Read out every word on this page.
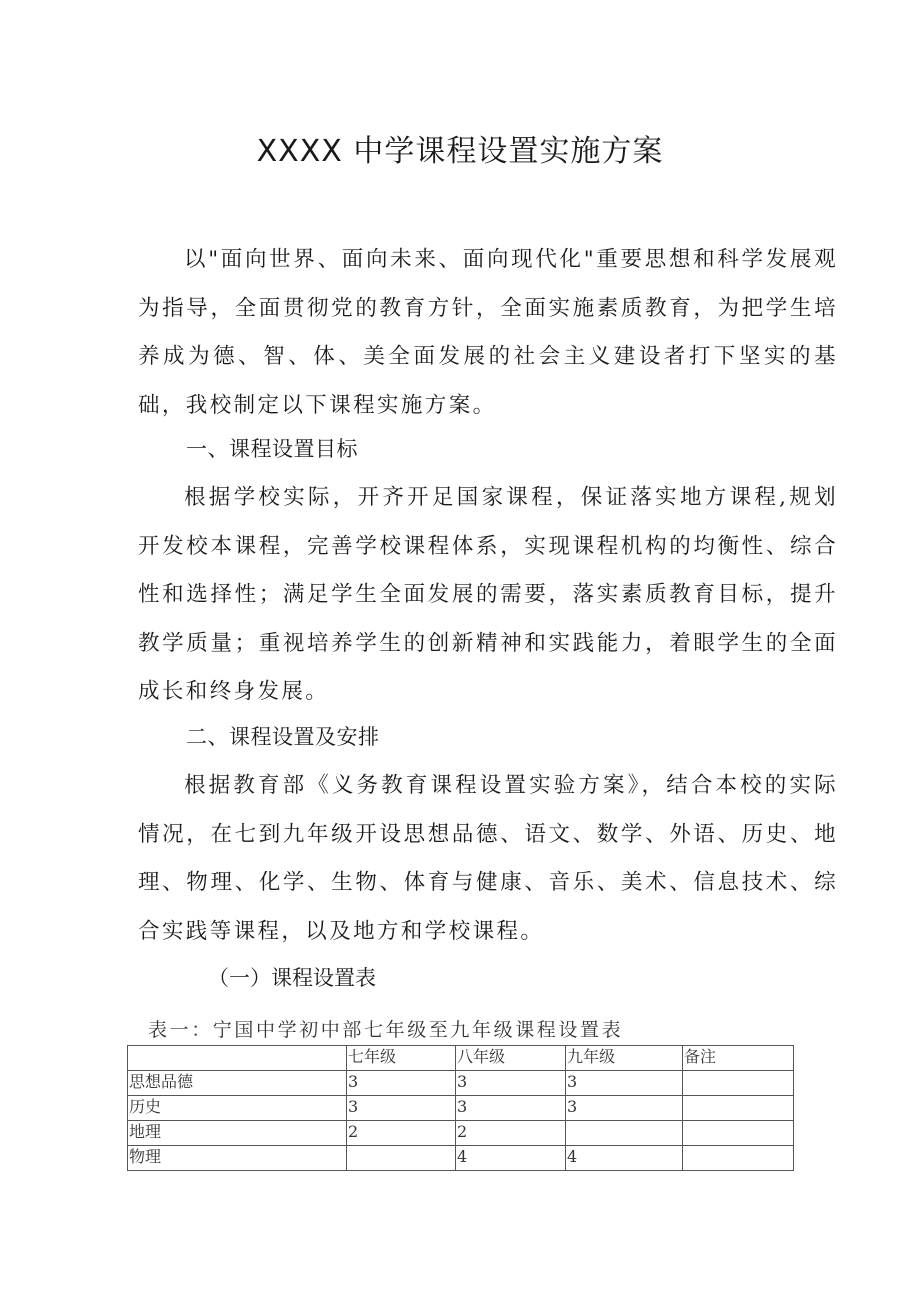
XXXX 中学课程设置实施方案

以"面向世界、面向未来、面向现代化"重要思想和科学发展观为指导，全面贯彻党的教育方针，全面实施素质教育，为把学生培养成为德、智、体、美全面发展的社会主义建设者打下坚实的基础，我校制定以下课程实施方案。

一、课程设置目标

根据学校实际，开齐开足国家课程，保证落实地方课程,规划开发校本课程，完善学校课程体系，实现课程机构的均衡性、综合性和选择性；满足学生全面发展的需要，落实素质教育目标，提升教学质量；重视培养学生的创新精神和实践能力，着眼学生的全面成长和终身发展。

二、课程设置及安排

根据教育部《义务教育课程设置实验方案》，结合本校的实际情况，在七到九年级开设思想品德、语文、数学、外语、历史、地理、物理、化学、生物、体育与健康、音乐、美术、信息技术、综合实践等课程，以及地方和学校课程。

（一）课程设置表

表一：宁国中学初中部七年级至九年级课程设置表

	七年级	八年级	九年级	备注
思想品德	3	3	3	
历史	3	3	3	
地理	2	2		
物理		4	4	
